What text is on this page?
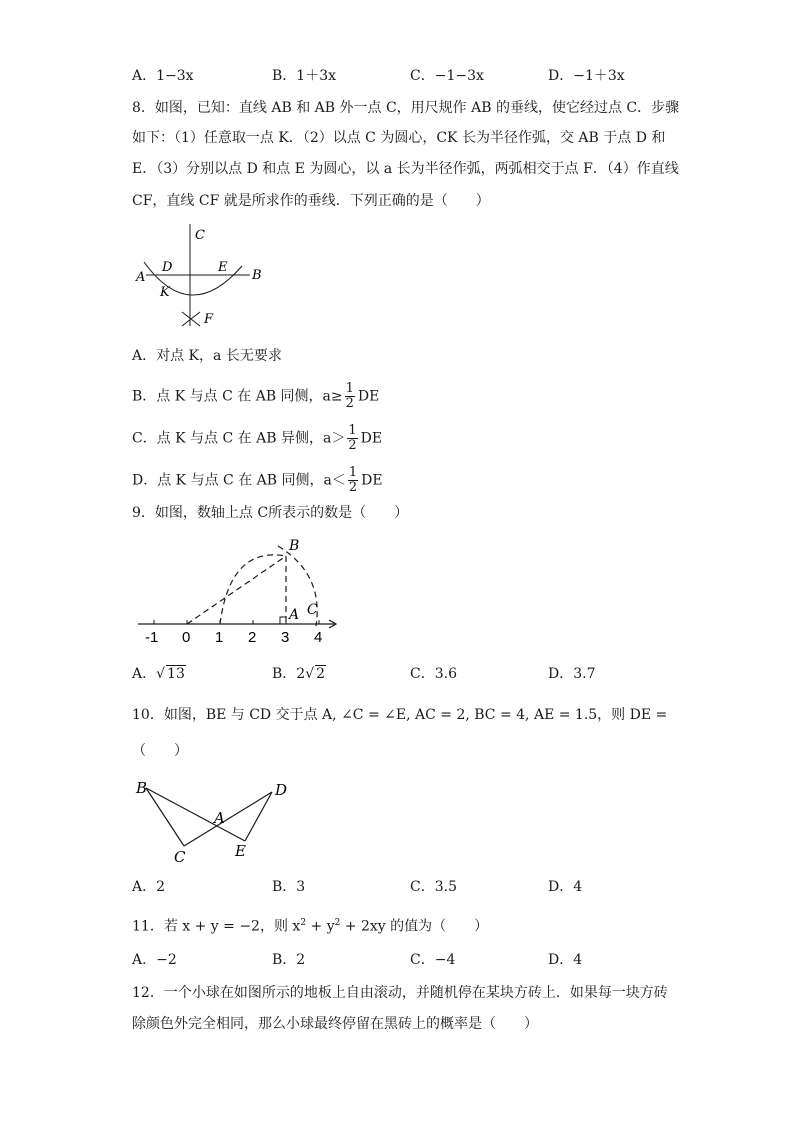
A．1−3x	B．1＋3x	C．−1−3x	D．−1＋3x
8．如图，已知：直线 AB 和 AB 外一点 C，用尺规作 AB 的垂线，使它经过点 C．步骤
如下：（1）任意取一点 K．（2）以点 C 为圆心，CK 长为半径作弧，交 AB 于点 D 和
E．（3）分别以点 D 和点 E 为圆心，以 a 长为半径作弧，两弧相交于点 F．（4）作直线
CF，直线 CF 就是所求作的垂线．下列正确的是（　　）
C
A
D	E
B
K
F
A．对点 K，a 长无要求
B．点 K 与点 C 在 AB 同侧，$a\ge \frac{1}{2}$ DE
C．点 K 与点 C 在 AB 异侧，$a> \frac{1}{2}$ DE
D．点 K 与点 C 在 AB 同侧，$a< \frac{1}{2}$ DE
9．如图，数轴上点 C所表示的数是（　　）
B
A C
-1 0 1 2 3 4
A．√ 13	B．2√ 2	C．3.6	D．3.7
10．如图，BE 与 CD 交于点 A, ∠C = ∠E, AC = 2, BC = 4, AE = 1.5，则 DE =
（　　）
B	D
A
C	E
A．2	B．3	C．3.5	D．4
11．若 x + y = −2，则 $x^2 + y^2 + 2xy$ 的值为（　　）
A．−2	B．2	C．−4	D．4
12．一个小球在如图所示的地板上自由滚动，并随机停在某块方砖上．如果每一块方砖
除颜色外完全相同，那么小球最终停留在黑砖上的概率是（　　）
